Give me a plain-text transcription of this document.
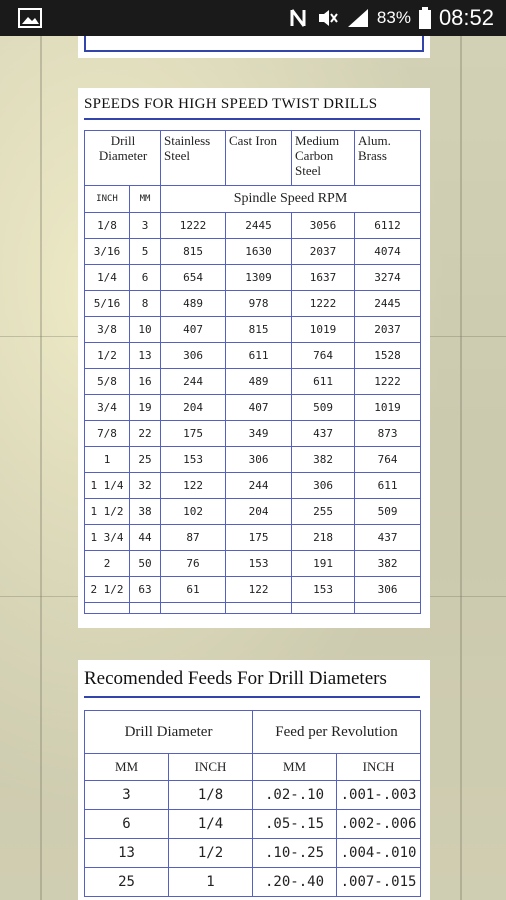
83% 08:52
SPEEDS FOR HIGH SPEED TWIST DRILLS
Drill Diameter		Stainless Steel	Cast Iron	Medium Carbon Steel	Alum. Brass
INCH	MM	Spindle Speed RPM			
1/8	3	1222	2445	3056	6112
3/16	5	815	1630	2037	4074
1/4	6	654	1309	1637	3274
5/16	8	489	978	1222	2445
3/8	10	407	815	1019	2037
1/2	13	306	611	764	1528
5/8	16	244	489	611	1222
3/4	19	204	407	509	1019
7/8	22	175	349	437	873
1	25	153	306	382	764
1 1/4	32	122	244	306	611
1 1/2	38	102	204	255	509
1 3/4	44	87	175	218	437
2	50	76	153	191	382
2 1/2	63	61	122	153	306

Recomended Feeds For Drill Diameters
Drill Diameter		Feed per Revolution	
MM	INCH	MM	INCH
3	1/8	.02-.10	.001-.003
6	1/4	.05-.15	.002-.006
13	1/2	.10-.25	.004-.010
25	1	.20-.40	.007-.015
